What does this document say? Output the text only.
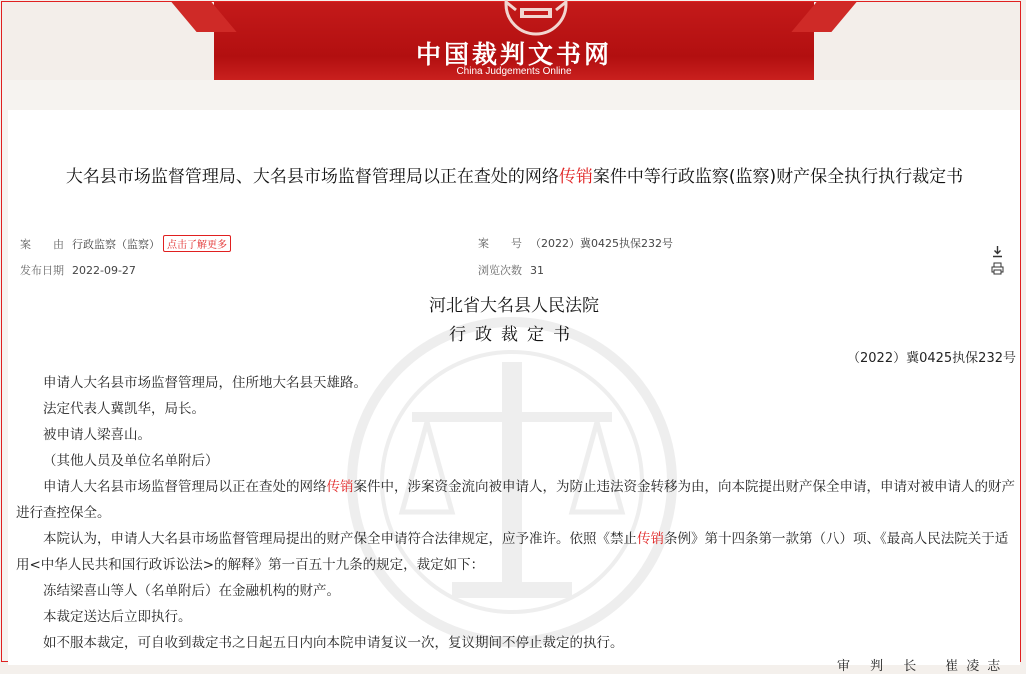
中国裁判文书网
China Judgements Online
大名县市场监督管理局、大名县市场监督管理局以正在查处的网络传销案件中等行政监察(监察)财产保全执行执行裁定书
案　　由 行政监察（监察） 点击了解更多	案　　号 （2022）冀0425执保232号
发布日期 2022-09-27	浏览次数 31

河北省大名县人民法院
行政裁定书
（2022）冀0425执保232号

申请人大名县市场监督管理局，住所地大名县天雄路。

法定代表人冀凯华，局长。

被申请人梁喜山。

（其他人员及单位名单附后）

申请人大名县市场监督管理局以正在查处的网络传销案件中，涉案资金流向被申请人，为防止违法资金转移为由，向本院提出财产保全申请，申请对被申请人的财产进行查控保全。

本院认为，申请人大名县市场监督管理局提出的财产保全申请符合法律规定，应予准许。依照《禁止传销条例》第十四条第一款第（八）项、《最高人民法院关于适用<中华人民共和国行政诉讼法>的解释》第一百五十九条的规定，裁定如下：

冻结梁喜山等人（名单附后）在金融机构的财产。

本裁定送达后立即执行。

如不服本裁定，可自收到裁定书之日起五日内向本院申请复议一次，复议期间不停止裁定的执行。

审 判 长　崔凌志
